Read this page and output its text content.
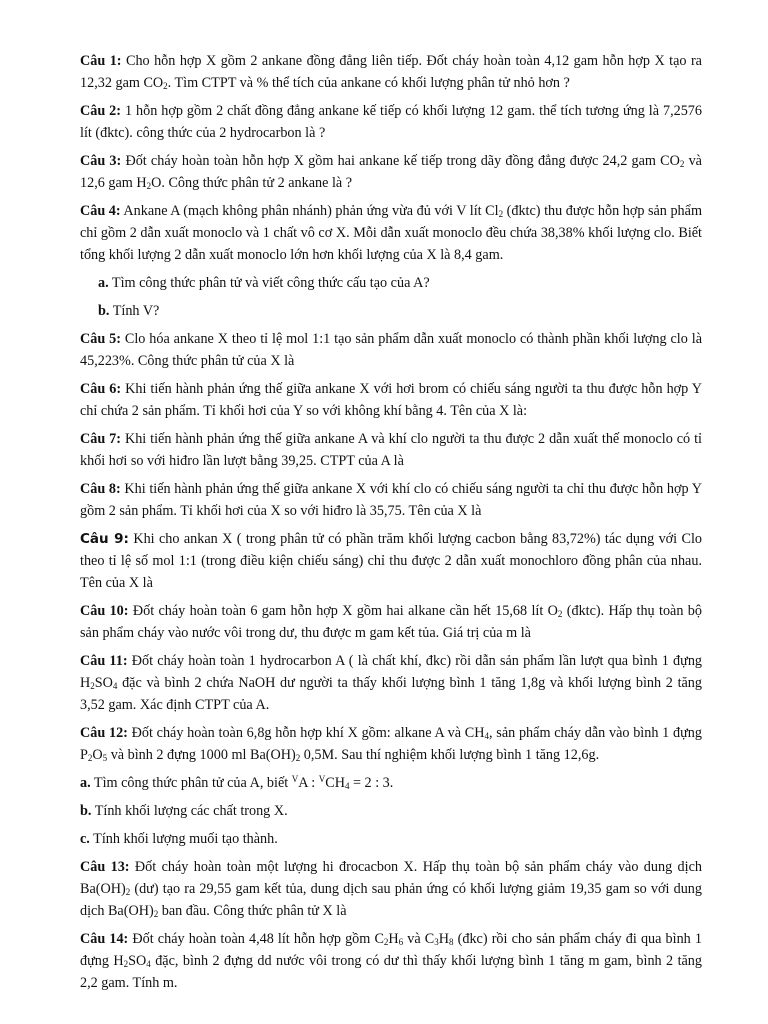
Câu 1: Cho hỗn hợp X gồm 2 ankane đồng đẳng liên tiếp. Đốt cháy hoàn toàn 4,12 gam hỗn hợp X tạo ra 12,32 gam $CO_2$. Tìm CTPT và % thể tích của ankane có khối lượng phân tử nhỏ hơn ?

Câu 2: 1 hỗn hợp gồm 2 chất đồng đẳng ankane kế tiếp có khối lượng 12 gam. thể tích tương ứng là 7,2576 lít (đktc). công thức của 2 hydrocarbon là ?

Câu 3: Đốt cháy hoàn toàn hỗn hợp X gồm hai ankane kế tiếp trong dãy đồng đẳng được 24,2 gam $CO_2$ và 12,6 gam $H_2O$. Công thức phân tử 2 ankane là ?

Câu 4: Ankane A (mạch không phân nhánh) phản ứng vừa đủ với V lít $Cl_2$ (đktc) thu được hỗn hợp sản phẩm chỉ gồm 2 dẫn xuất monoclo và 1 chất vô cơ X. Mỗi dẫn xuất monoclo đều chứa 38,38% khối lượng clo. Biết tổng khối lượng 2 dẫn xuất monoclo lớn hơn khối lượng của X là 8,4 gam.

a. Tìm công thức phân tử và viết công thức cấu tạo của A?

b. Tính V?

Câu 5: Clo hóa ankane X theo tỉ lệ mol 1:1 tạo sản phẩm dẫn xuất monoclo có thành phần khối lượng clo là 45,223%. Công thức phân tử của X là

Câu 6: Khi tiến hành phản ứng thế giữa ankane X với hơi brom có chiếu sáng người ta thu được hỗn hợp Y chỉ chứa 2 sản phẩm. Tỉ khối hơi của Y so với không khí bằng 4. Tên của X là:

Câu 7: Khi tiến hành phản ứng thế giữa ankane A và khí clo người ta thu được 2 dẫn xuất thế monoclo có tỉ khối hơi so với hiđro lần lượt bằng 39,25. CTPT của A là

Câu 8: Khi tiến hành phản ứng thế giữa ankane X với khí clo có chiếu sáng người ta chỉ thu được hỗn hợp Y gồm 2 sản phẩm. Tỉ khối hơi của X so với hiđro là 35,75. Tên của X là

Câu 9: Khi cho ankan X ( trong phân tử có phần trăm khối lượng cacbon bằng 83,72%) tác dụng với Clo theo tỉ lệ số mol 1:1 (trong điều kiện chiếu sáng) chỉ thu được 2 dẫn xuất monochloro đồng phân của nhau. Tên của X là

Câu 10: Đốt cháy hoàn toàn 6 gam hỗn hợp X gồm hai alkane cần hết 15,68 lít $O_2$ (đktc). Hấp thụ toàn bộ sản phẩm cháy vào nước vôi trong dư, thu được m gam kết tủa. Giá trị của m là

Câu 11: Đốt cháy hoàn toàn 1 hydrocarbon A ( là chất khí, đkc) rồi dẫn sản phẩm lần lượt qua bình 1 đựng $H_2SO_4$ đặc và bình 2 chứa NaOH dư người ta thấy khối lượng bình 1 tăng 1,8g và khối lượng bình 2 tăng 3,52 gam. Xác định CTPT của A.

Câu 12: Đốt cháy hoàn toàn 6,8g hỗn hợp khí X gồm: alkane A và $CH_4$, sản phẩm cháy dẫn vào bình 1 đựng $P_2O_5$ và bình 2 đựng 1000 ml $Ba(OH)_2$ 0,5M. Sau thí nghiệm khối lượng bình 1 tăng 12,6g.

a. Tìm công thức phân tử của A, biết $^V$A : $^VCH_4 = 2$ : 3.

b. Tính khối lượng các chất trong X.

c. Tính khối lượng muối tạo thành.

Câu 13: Đốt cháy hoàn toàn một lượng hi đrocacbon X. Hấp thụ toàn bộ sản phẩm cháy vào dung dịch $Ba(OH)_2$ (dư) tạo ra 29,55 gam kết tủa, dung dịch sau phản ứng có khối lượng giảm 19,35 gam so với dung dịch $Ba(OH)_2$ ban đầu. Công thức phân tử X là

Câu 14: Đốt cháy hoàn toàn 4,48 lít hỗn hợp gồm $C_2H_6$ và $C_3H_8$ (đkc) rồi cho sản phẩm cháy đi qua bình 1 đựng $H_2SO_4$ đặc, bình 2 đựng dd nước vôi trong có dư thì thấy khối lượng bình 1 tăng m gam, bình 2 tăng 2,2 gam. Tính m.
